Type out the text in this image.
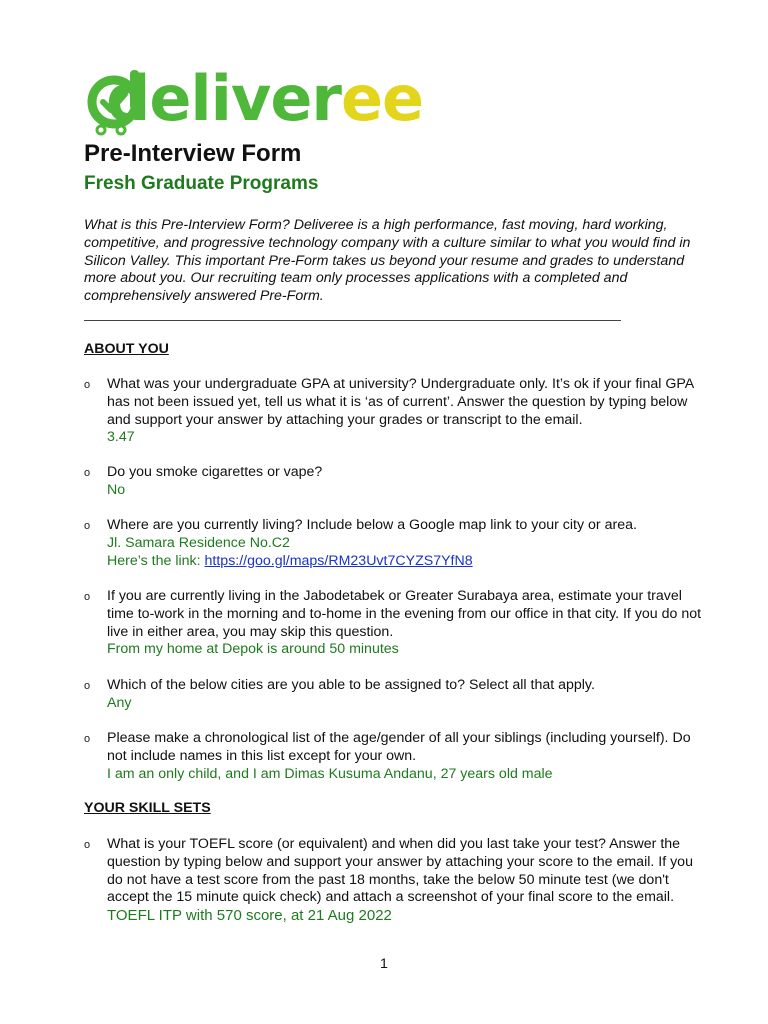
deliveree
Pre-Interview Form
Fresh Graduate Programs
What is this Pre-Interview Form? Deliveree is a high performance, fast moving, hard working, competitive, and progressive technology company with a culture similar to what you would find in Silicon Valley. This important Pre-Form takes us beyond your resume and grades to understand more about you. Our recruiting team only processes applications with a completed and comprehensively answered Pre-Form.
ABOUT YOU
o What was your undergraduate GPA at university? Undergraduate only. It’s ok if your final GPA has not been issued yet, tell us what it is ‘as of current’. Answer the question by typing below and support your answer by attaching your grades or transcript to the email.
3.47
o Do you smoke cigarettes or vape?
No
o Where are you currently living? Include below a Google map link to your city or area.
Jl. Samara Residence No.C2
Here’s the link: https://goo.gl/maps/RM23Uvt7CYZS7YfN8
o If you are currently living in the Jabodetabek or Greater Surabaya area, estimate your travel time to-work in the morning and to-home in the evening from our office in that city. If you do not live in either area, you may skip this question.
From my home at Depok is around 50 minutes
o Which of the below cities are you able to be assigned to? Select all that apply.
Any
o Please make a chronological list of the age/gender of all your siblings (including yourself). Do not include names in this list except for your own.
I am an only child, and I am Dimas Kusuma Andanu, 27 years old male
YOUR SKILL SETS
o What is your TOEFL score (or equivalent) and when did you last take your test? Answer the question by typing below and support your answer by attaching your score to the email. If you do not have a test score from the past 18 months, take the below 50 minute test (we don't accept the 15 minute quick check) and attach a screenshot of your final score to the email.
TOEFL ITP with 570 score, at 21 Aug 2022
1
